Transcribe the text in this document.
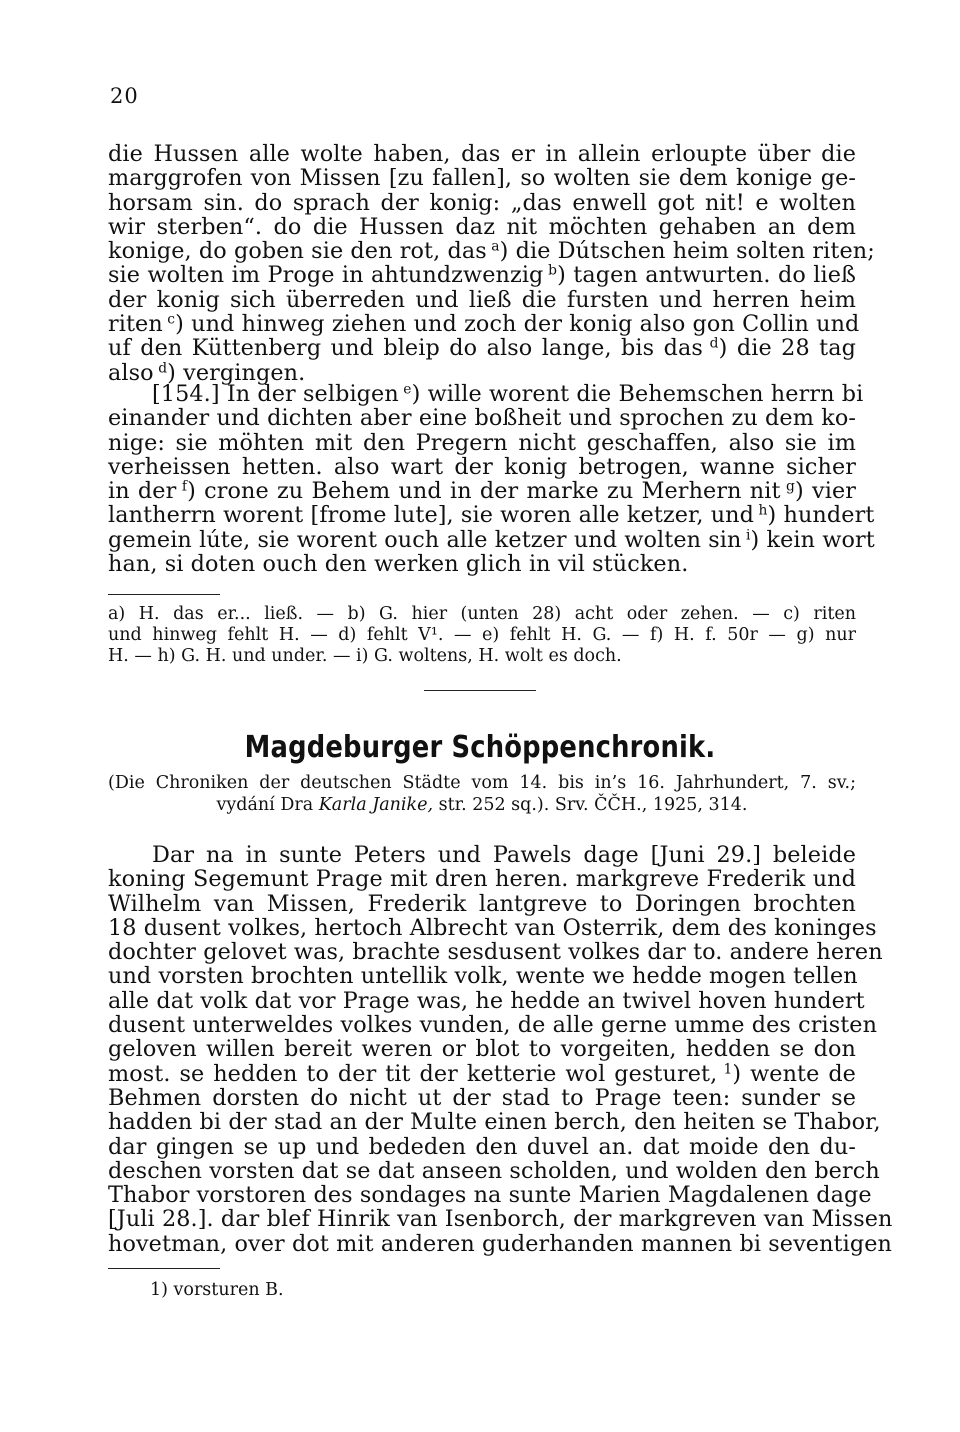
20
die Hussen alle wolte haben, das er in allein erloupte über die
marggrofen von Missen [zu fallen], so wolten sie dem konige ge-
horsam sin. do sprach der konig: „das enwell got nit! e wolten
wir sterben“. do die Hussen daz nit möchten gehaben an dem
konige, do goben sie den rot, das $^a$) die Dútschen heim solten riten;
sie wolten im Proge in ahtundzwenzig $^b$) tagen antwurten. do ließ
der konig sich überreden und ließ die fursten und herren heim
riten $^c$) und hinweg ziehen und zoch der konig also gon Collin und
uf den Küttenberg und bleip do also lange, bis das $^d$) die 28 tag
also $^d$) vergingen.
[154.] In der selbigen $^e$) wille worent die Behemschen herrn bi
einander und dichten aber eine boßheit und sprochen zu dem ko-
nige: sie möhten mit den Pregern nicht geschaffen, also sie im
verheissen hetten. also wart der konig betrogen, wanne sicher
in der $^f$) crone zu Behem und in der marke zu Merhern nit $^g$) vier
lantherrn worent [frome lute], sie woren alle ketzer, und $^h$) hundert
gemein lúte, sie worent ouch alle ketzer und wolten sin $^i$) kein wort
han, si doten ouch den werken glich in vil stücken.
a) H. das er... ließ. — b) G. hier (unten 28) acht oder zehen. — c) riten
und hinweg fehlt H. — d) fehlt V¹. — e) fehlt H. G. — f) H. f. 50r — g) nur
H. — h) G. H. und under. — i) G. woltens, H. wolt es doch.
Magdeburger Schöppenchronik.
(Die Chroniken der deutschen Städte vom 14. bis in’s 16. Jahrhundert, 7. sv.;
vydání Dra Karla Janike, str. 252 sq.). Srv. ČČH., 1925, 314.
Dar na in sunte Peters und Pawels dage [Juni 29.] beleide
koning Segemunt Prage mit dren heren. markgreve Frederik und
Wilhelm van Missen, Frederik lantgreve to Doringen brochten
18 dusent volkes, hertoch Albrecht van Osterrik, dem des koninges
dochter gelovet was, brachte sesdusent volkes dar to. andere heren
und vorsten brochten untellik volk, wente we hedde mogen tellen
alle dat volk dat vor Prage was, he hedde an twivel hoven hundert
dusent unterweldes volkes vunden, de alle gerne umme des cristen
geloven willen bereit weren or blot to vorgeiten, hedden se don
most. se hedden to der tit der ketterie wol gesturet, $^1$) wente de
Behmen dorsten do nicht ut der stad to Prage teen: sunder se
hadden bi der stad an der Multe einen berch, den heiten se Thabor,
dar gingen se up und bededen den duvel an. dat moide den du-
deschen vorsten dat se dat anseen scholden, und wolden den berch
Thabor vorstoren des sondages na sunte Marien Magdalenen dage
[Juli 28.]. dar blef Hinrik van Isenborch, der markgreven van Missen
hovetman, over dot mit anderen guderhanden mannen bi seventigen
1) vorsturen B.
